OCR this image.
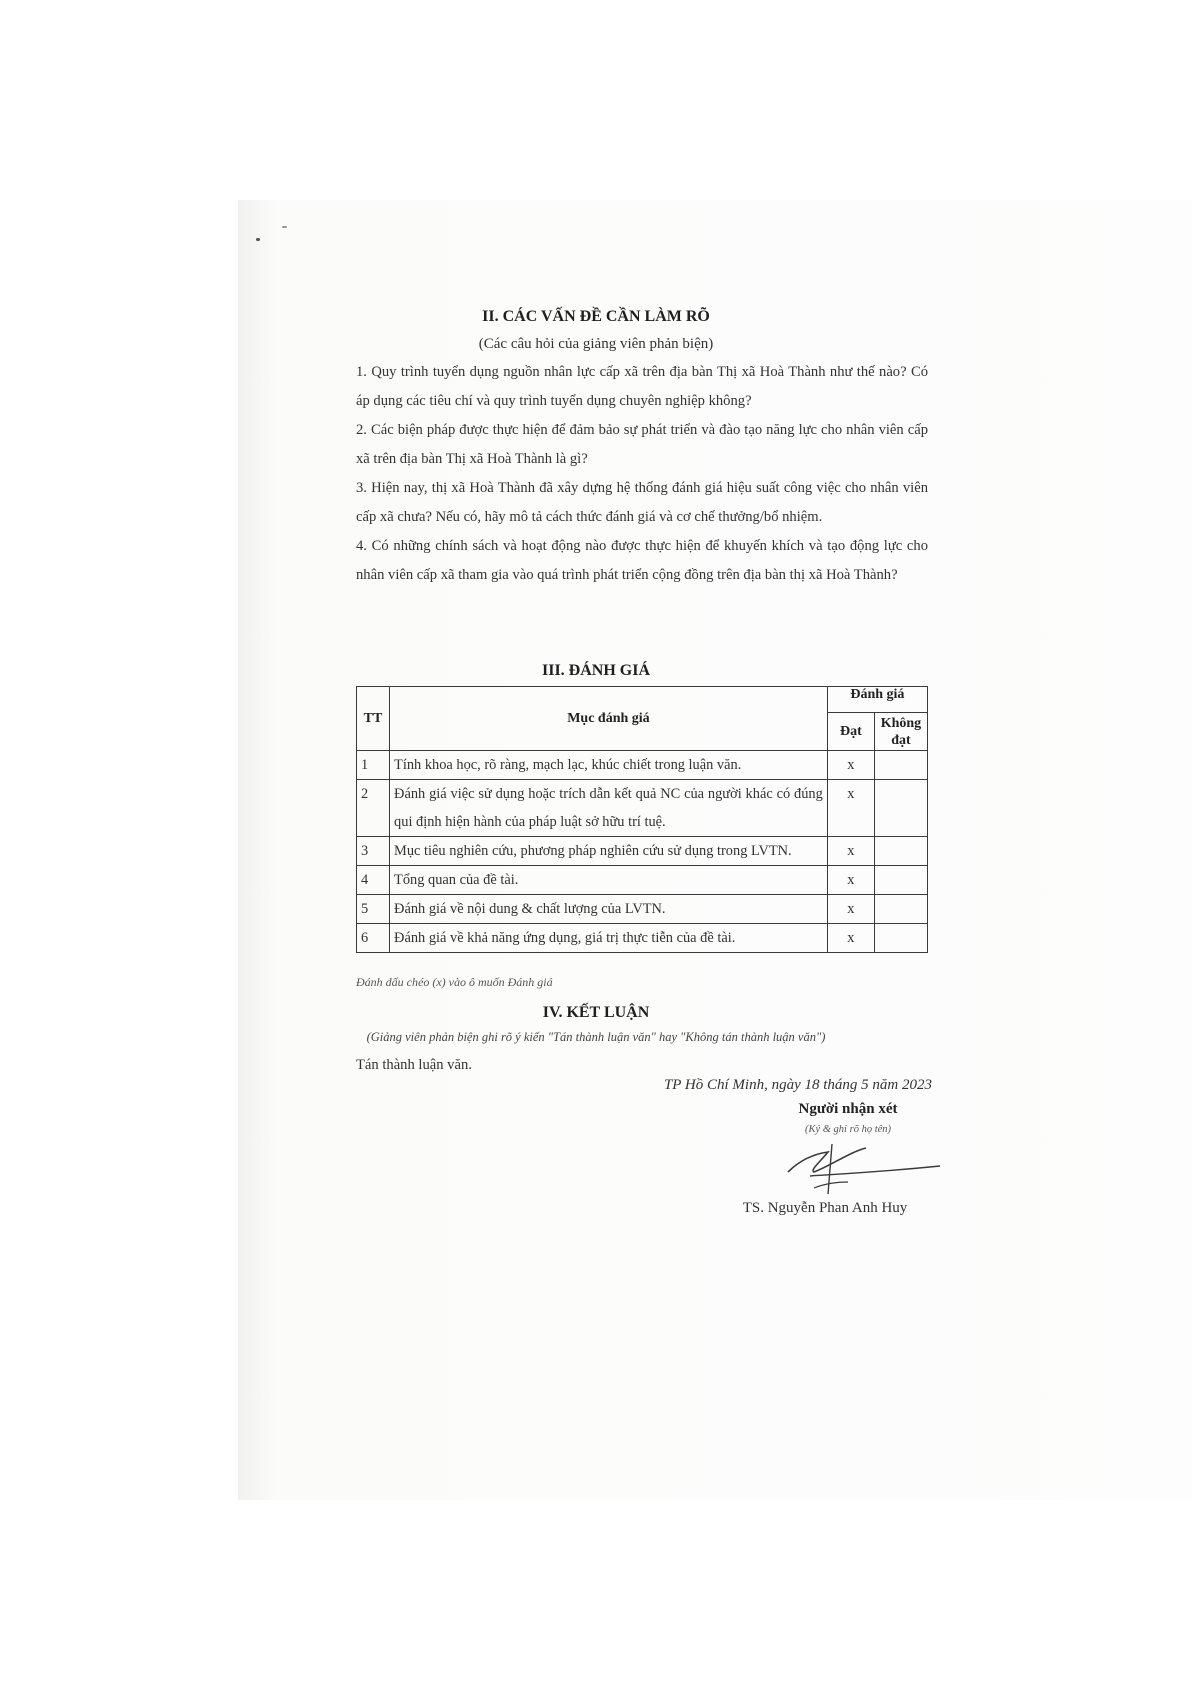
II. CÁC VẤN ĐỀ CẦN LÀM RÕ
(Các câu hỏi của giảng viên phản biện)

1. Quy trình tuyển dụng nguồn nhân lực cấp xã trên địa bàn Thị xã Hoà Thành như thế nào? Có áp dụng các tiêu chí và quy trình tuyển dụng chuyên nghiệp không?

2. Các biện pháp được thực hiện để đảm bảo sự phát triển và đào tạo năng lực cho nhân viên cấp xã trên địa bàn Thị xã Hoà Thành là gì?

3. Hiện nay, thị xã Hoà Thành đã xây dựng hệ thống đánh giá hiệu suất công việc cho nhân viên cấp xã chưa? Nếu có, hãy mô tả cách thức đánh giá và cơ chế thưởng/bổ nhiệm.

4. Có những chính sách và hoạt động nào được thực hiện để khuyến khích và tạo động lực cho nhân viên cấp xã tham gia vào quá trình phát triển cộng đồng trên địa bàn thị xã Hoà Thành?

III. ĐÁNH GIÁ
TT	Mục đánh giá	Đánh giá	
		Đạt	Không đạt
1	Tính khoa học, rõ ràng, mạch lạc, khúc chiết trong luận văn.	x	
2	Đánh giá việc sử dụng hoặc trích dẫn kết quả NC của người khác có đúng qui định hiện hành của pháp luật sở hữu trí tuệ.	x	
3	Mục tiêu nghiên cứu, phương pháp nghiên cứu sử dụng trong LVTN.	x	
4	Tổng quan của đề tài.	x	
5	Đánh giá về nội dung & chất lượng của LVTN.	x	
6	Đánh giá về khả năng ứng dụng, giá trị thực tiễn của đề tài.	x	
Đánh dấu chéo (x) vào ô muốn Đánh giá
IV. KẾT LUẬN
(Giảng viên phản biện ghi rõ ý kiến "Tán thành luận văn" hay "Không tán thành luận văn")
Tán thành luận văn.
TP Hồ Chí Minh, ngày 18 tháng 5 năm 2023
Người nhận xét
(Ký & ghi rõ họ tên)
TS. Nguyễn Phan Anh Huy
